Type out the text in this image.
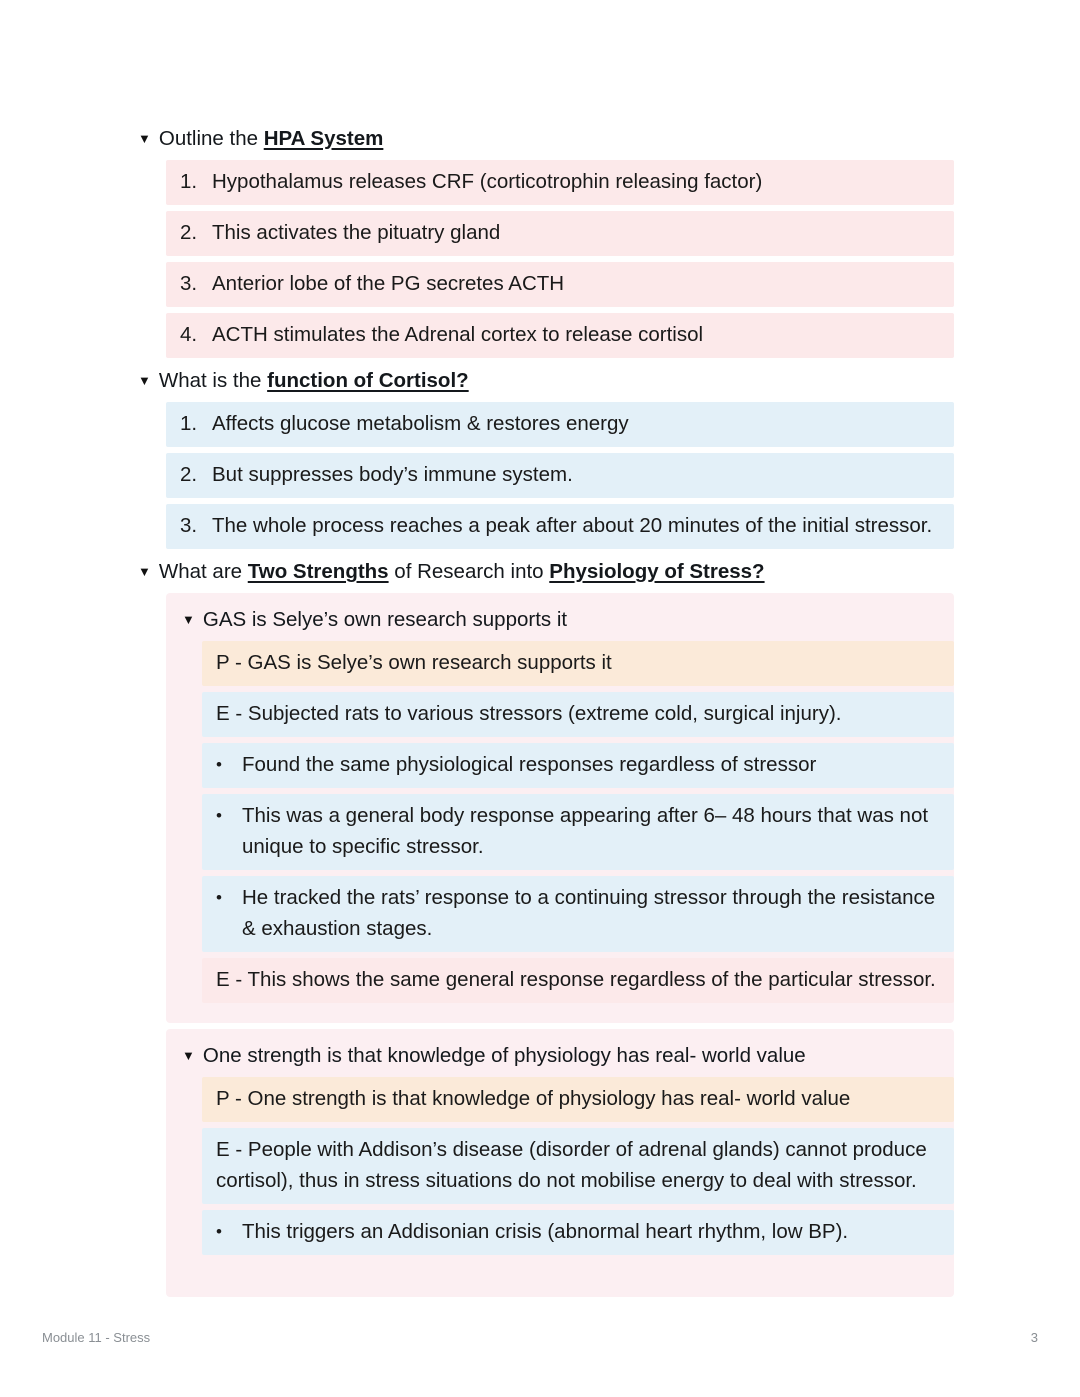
▼ Outline the HPA System
1. Hypothalamus releases CRF (corticotrophin releasing factor)
2. This activates the pituatry gland
3. Anterior lobe of the PG secretes ACTH
4. ACTH stimulates the Adrenal cortex to release cortisol
▼ What is the function of Cortisol?
1. Affects glucose metabolism & restores energy
2. But suppresses body’s immune system.
3. The whole process reaches a peak after about 20 minutes of the initial stressor.
▼ What are Two Strengths of Research into Physiology of Stress?
▼ GAS is Selye’s own research supports it
P - GAS is Selye’s own research supports it
E - Subjected rats to various stressors (extreme cold, surgical injury).
• Found the same physiological responses regardless of stressor
• This was a general body response appearing after 6– 48 hours that was not unique to specific stressor.
• He tracked the rats’ response to a continuing stressor through the resistance & exhaustion stages.
E - This shows the same general response regardless of the particular stressor.
▼ One strength is that knowledge of physiology has real- world value
P - One strength is that knowledge of physiology has real- world value
E - People with Addison’s disease (disorder of adrenal glands) cannot produce cortisol), thus in stress situations do not mobilise energy to deal with stressor.
• This triggers an Addisonian crisis (abnormal heart rhythm, low BP).
Module 11 - Stress	3
